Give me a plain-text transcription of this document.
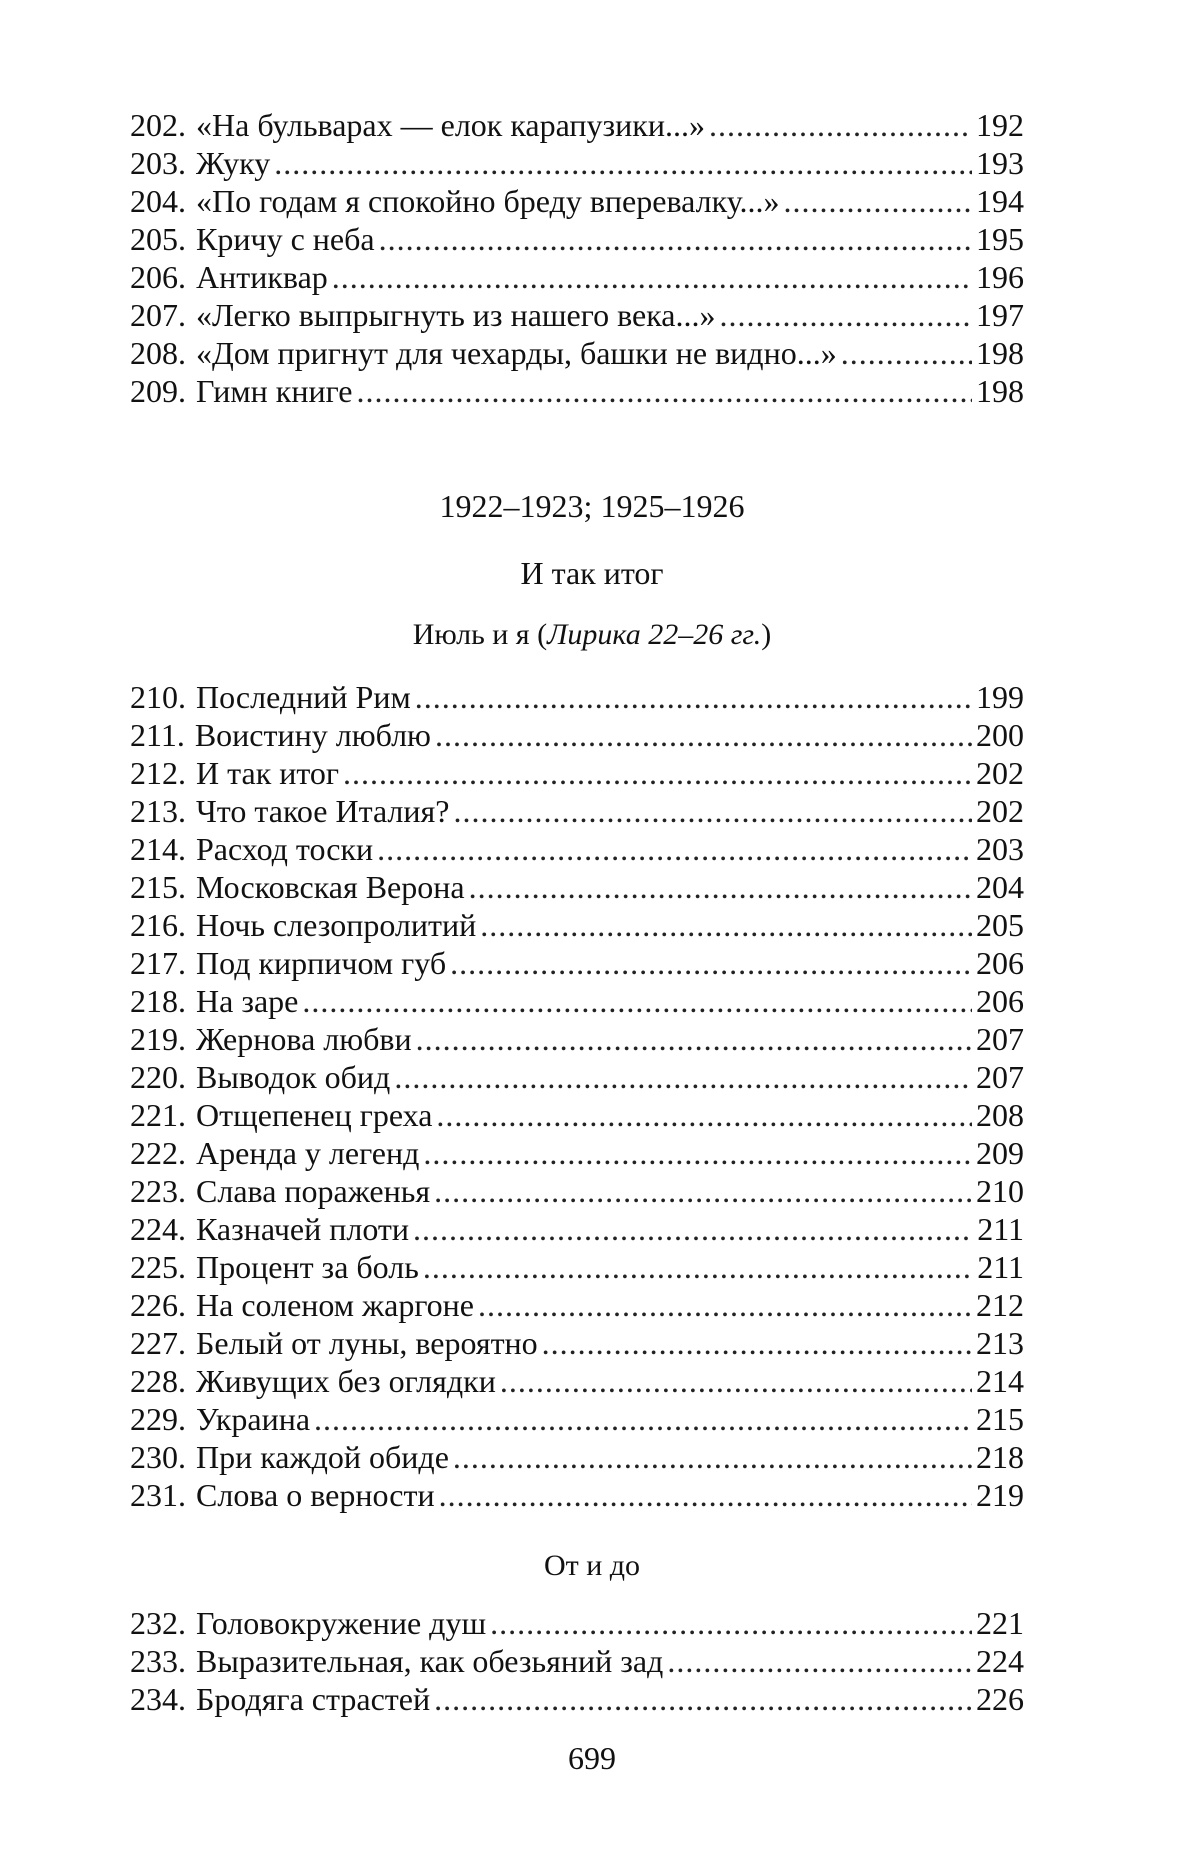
202. «На бульварах — елок карапузики...» .....	192
203. Жуку .....	193
204. «По годам я спокойно бреду вперевалку...» .....	194
205. Кричу с неба .....	195
206. Антиквар .....	196
207. «Легко выпрыгнуть из нашего века...» .....	197
208. «Дом пригнут для чехарды, башки не видно...» .....	198
209. Гимн книге .....	198
1922–1923; 1925–1926
И так итог
Июль и я (Лирика 22–26 гг.)
210. Последний Рим .....	199
211. Воистину люблю .....	200
212. И так итог .....	202
213. Что такое Италия? .....	202
214. Расход тоски .....	203
215. Московская Верона .....	204
216. Ночь слезопролитий .....	205
217. Под кирпичом губ .....	206
218. На заре .....	206
219. Жернова любви .....	207
220. Выводок обид .....	207
221. Отщепенец греха .....	208
222. Аренда у легенд .....	209
223. Слава пораженья .....	210
224. Казначей плоти .....	211
225. Процент за боль .....	211
226. На соленом жаргоне .....	212
227. Белый от луны, вероятно .....	213
228. Живущих без оглядки .....	214
229. Украина .....	215
230. При каждой обиде .....	218
231. Слова о верности .....	219
От и до
232. Головокружение душ .....	221
233. Выразительная, как обезьяний зад .....	224
234. Бродяга страстей .....	226
699
